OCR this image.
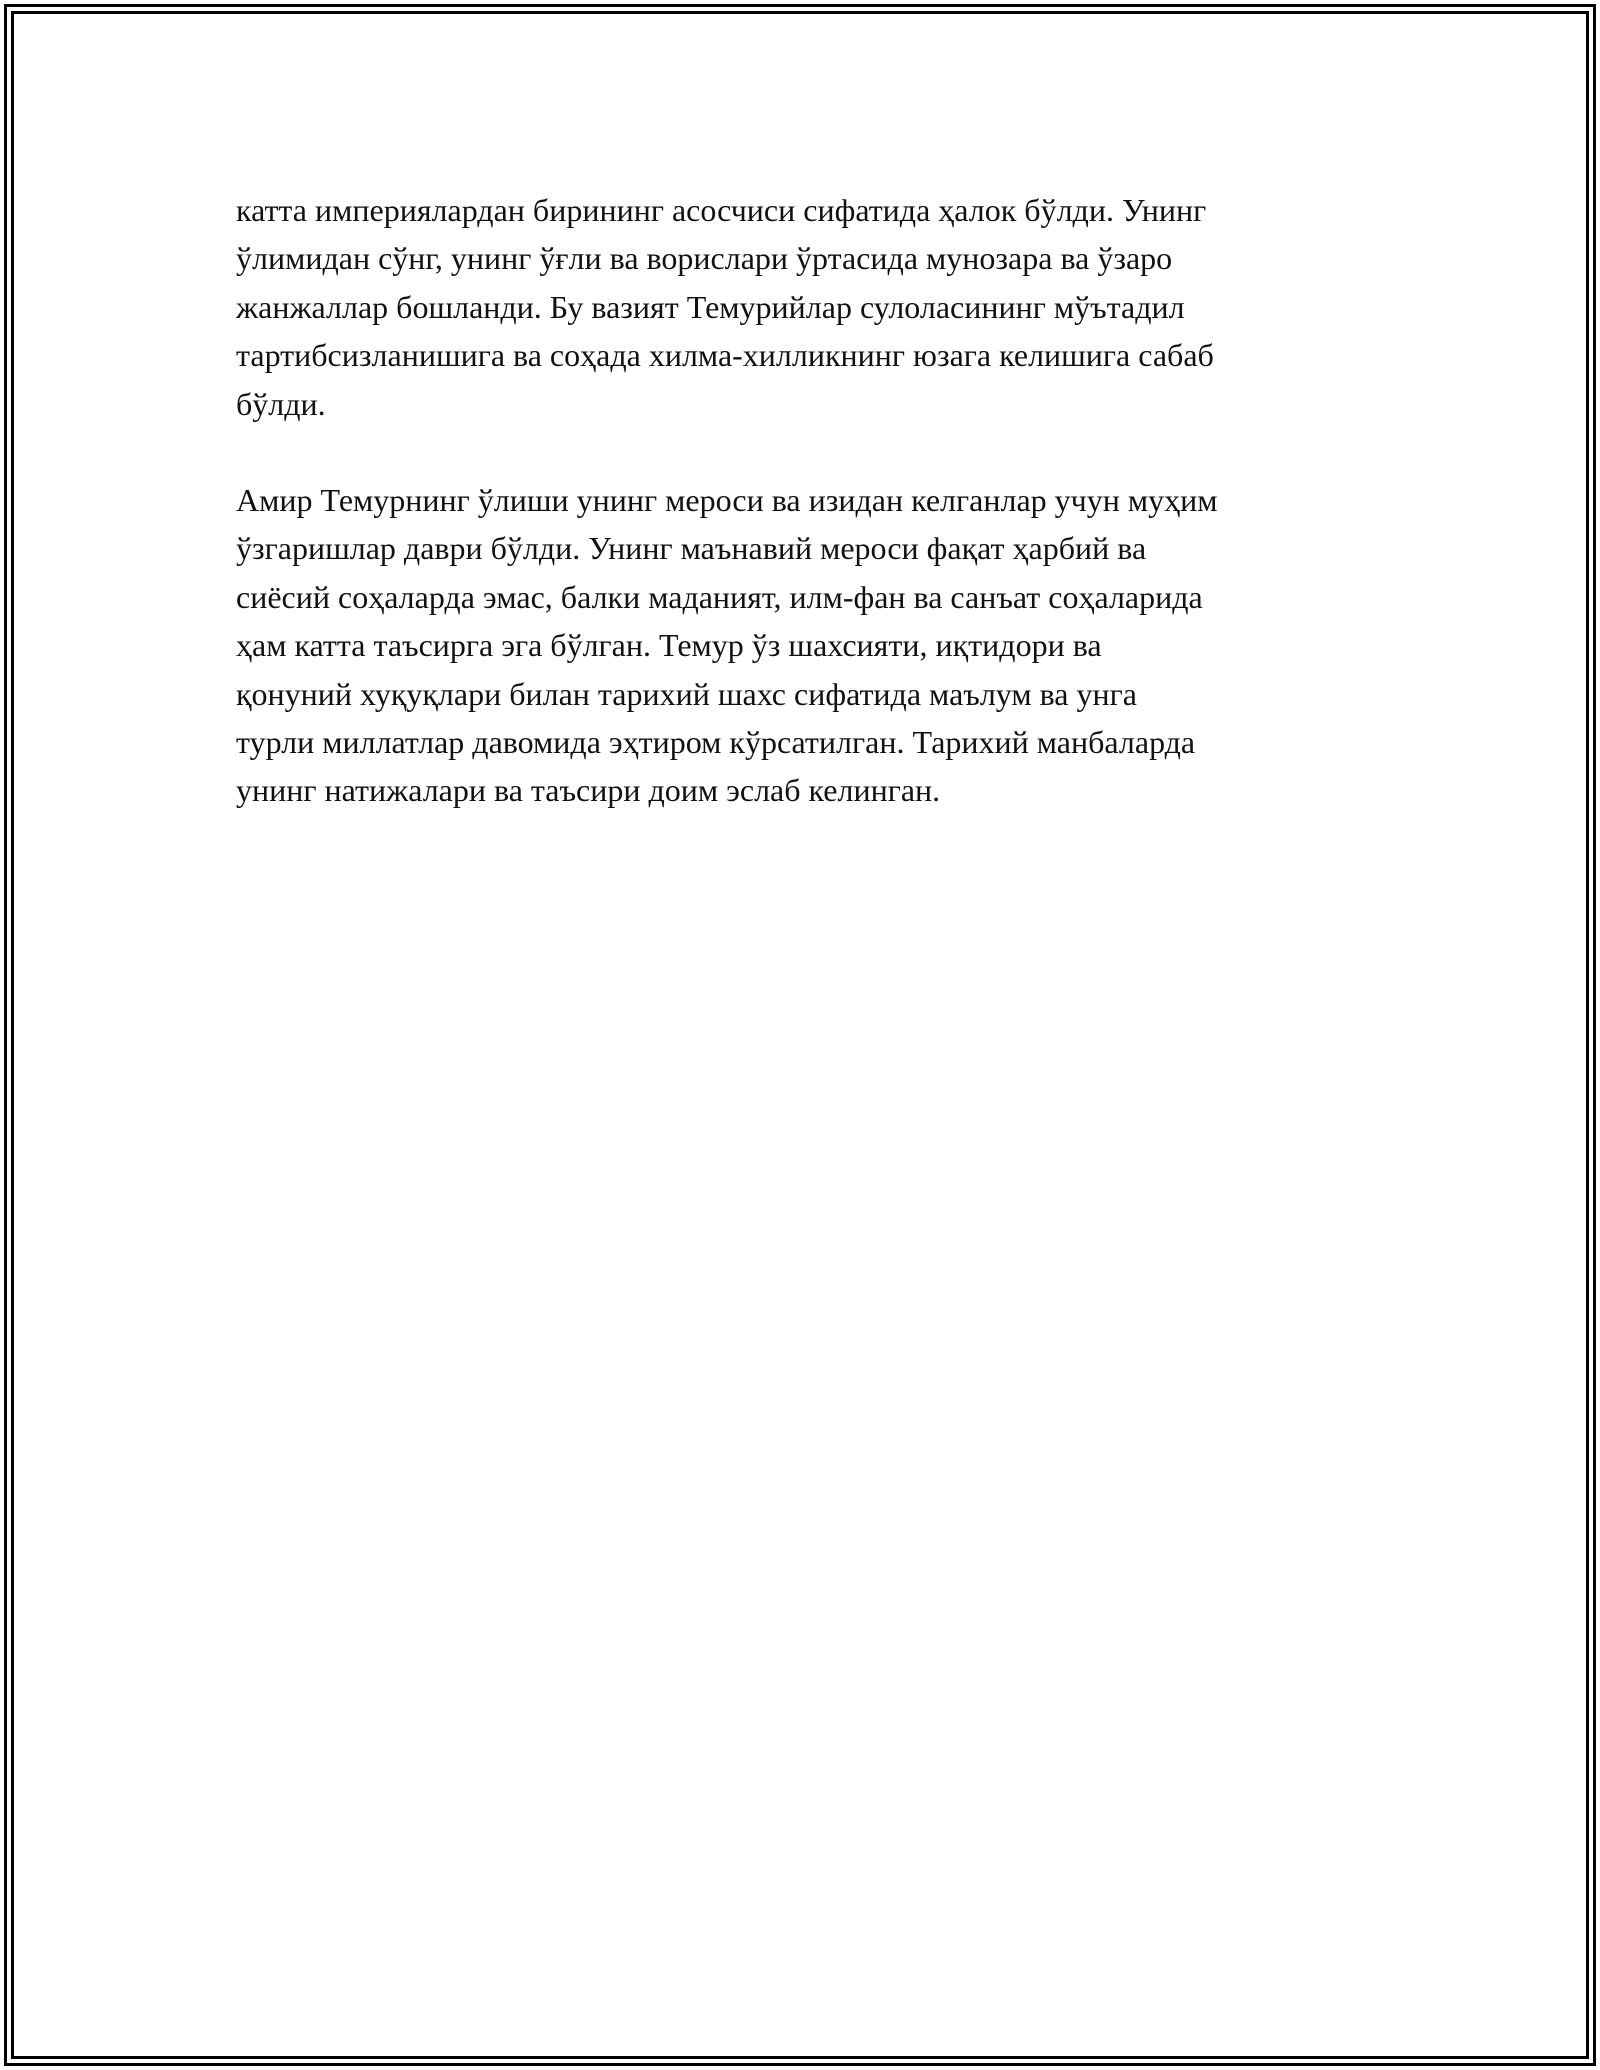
катта империялардан бирининг асосчиси сифатида ҳалок бўлди. Унинг
ўлимидан сўнг, унинг ўғли ва ворислари ўртасида мунозара ва ўзаро
жанжаллар бошланди. Бу вазият Темурийлар сулоласининг мўътадил
тартибсизланишига ва соҳада хилма-хилликнинг юзага келишига сабаб
бўлди.

Амир Темурнинг ўлиши унинг мероси ва изидан келганлар учун муҳим
ўзгаришлар даври бўлди. Унинг маънавий мероси фақат ҳарбий ва
сиёсий соҳаларда эмас, балки маданият, илм-фан ва санъат соҳаларида
ҳам катта таъсирга эга бўлган. Темур ўз шахсияти, иқтидори ва
қонуний хуқуқлари билан тарихий шахс сифатида маълум ва унга
турли миллатлар давомида эҳтиром кўрсатилган. Тарихий манбаларда
унинг натижалари ва таъсири доим эслаб келинган.
